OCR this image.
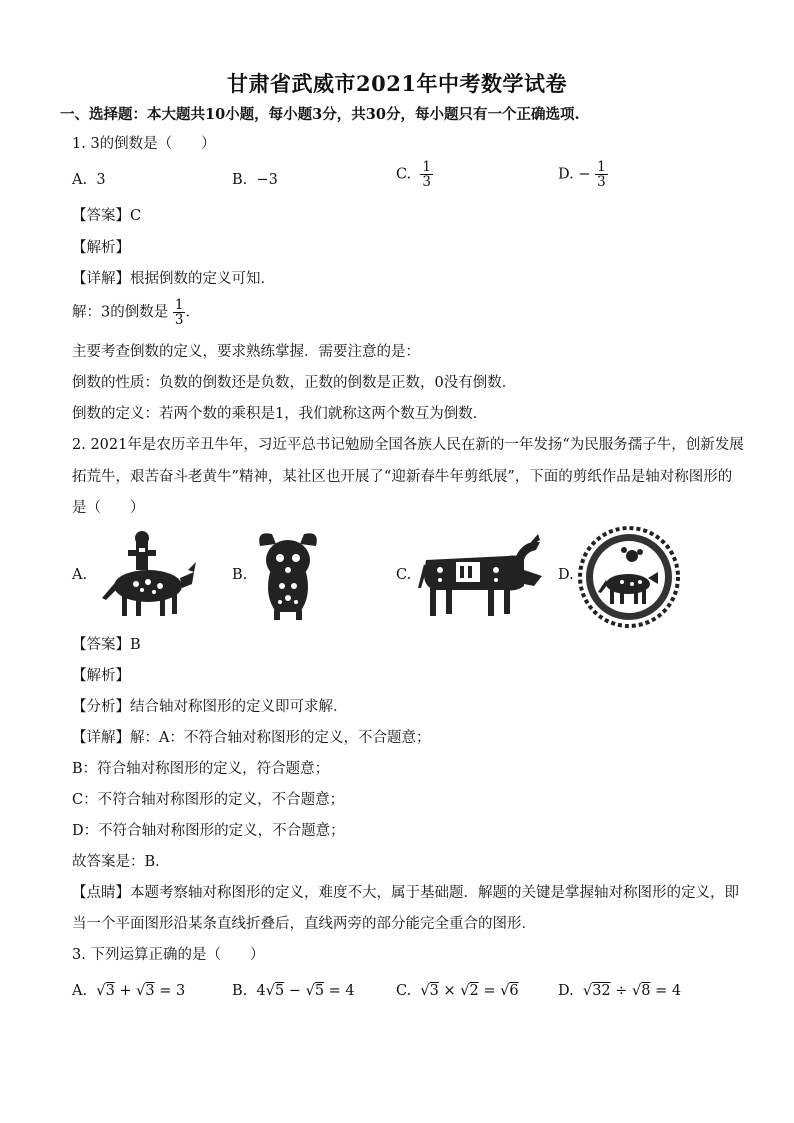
甘肃省武威市2021年中考数学试卷
一、选择题：本大题共10小题，每小题3分，共30分，每小题只有一个正确选项.
1. 3的倒数是（　　）
A. 3	B. −3	C. $\frac{1}{3}$	D. − $\frac{1}{3}$
【答案】C
【解析】
【详解】根据倒数的定义可知．
解：3的倒数是 $\frac{1}{3}$ ．
主要考查倒数的定义，要求熟练掌握．需要注意的是：
倒数的性质：负数的倒数还是负数，正数的倒数是正数，0没有倒数．
倒数的定义：若两个数的乘积是1，我们就称这两个数互为倒数．
2. 2021年是农历辛丑牛年，习近平总书记勉励全国各族人民在新的一年发扬“为民服务孺子牛，创新发展
拓荒牛，艰苦奋斗老黄牛”精神，某社区也开展了“迎新春牛年剪纸展”，下面的剪纸作品是轴对称图形的
是（　　）
A.	B.	C.	D.
【答案】B
【解析】
【分析】结合轴对称图形的定义即可求解．
【详解】解：A：不符合轴对称图形的定义，不合题意；
B：符合轴对称图形的定义，符合题意；
C：不符合轴对称图形的定义，不合题意；
D：不符合轴对称图形的定义，不合题意；
故答案是：B．
【点睛】本题考察轴对称图形的定义，难度不大，属于基础题．解题的关键是掌握轴对称图形的定义，即
当一个平面图形沿某条直线折叠后，直线两旁的部分能完全重合的图形．
3. 下列运算正确的是（　　）
A.  √3 + √3 = 3	B. 4√5 − √5 = 4	C.  √3 × √2 = √6	D.  √32 ÷ √8 = 4
